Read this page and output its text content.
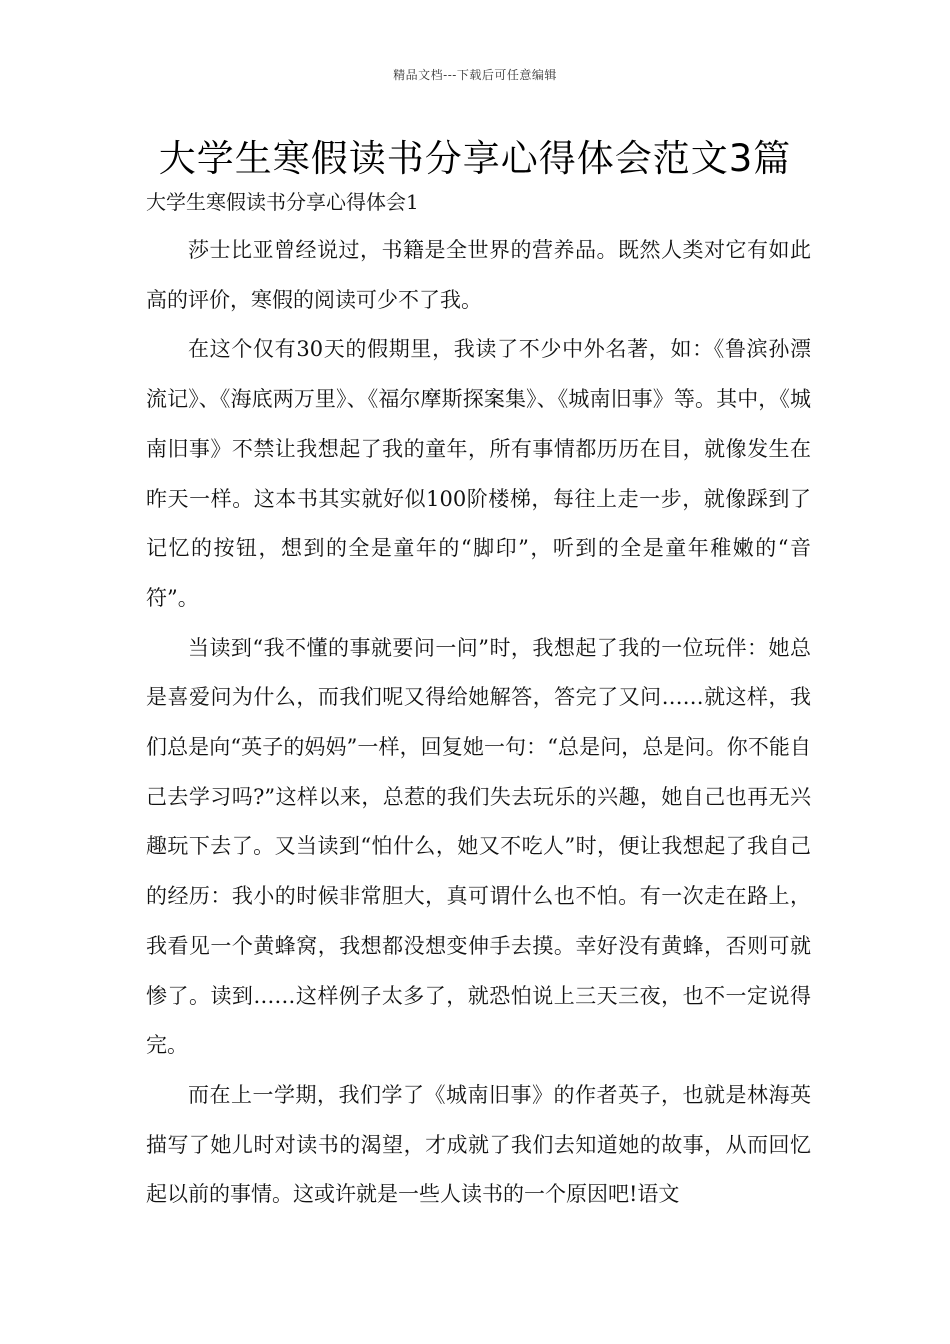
精品文档---下载后可任意编辑
大学生寒假读书分享心得体会范文3篇
大学生寒假读书分享心得体会1

莎士比亚曾经说过，书籍是全世界的营养品。既然人类对它有如此高的评价，寒假的阅读可少不了我。

在这个仅有30天的假期里，我读了不少中外名著，如：《鲁滨孙漂流记》、《海底两万里》、《福尔摩斯探案集》、《城南旧事》等。其中，《城南旧事》不禁让我想起了我的童年，所有事情都历历在目，就像发生在昨天一样。这本书其实就好似100阶楼梯，每往上走一步，就像踩到了记忆的按钮，想到的全是童年的“脚印”，听到的全是童年稚嫩的“音符”。

当读到“我不懂的事就要问一问”时，我想起了我的一位玩伴：她总是喜爱问为什么，而我们呢又得给她解答，答完了又问……就这样，我们总是向“英子的妈妈”一样，回复她一句：“总是问，总是问。你不能自己去学习吗?”这样以来，总惹的我们失去玩乐的兴趣，她自己也再无兴趣玩下去了。又当读到“怕什么，她又不吃人”时，便让我想起了我自己的经历：我小的时候非常胆大，真可谓什么也不怕。有一次走在路上，我看见一个黄蜂窝，我想都没想变伸手去摸。幸好没有黄蜂，否则可就惨了。读到……这样例子太多了，就恐怕说上三天三夜，也不一定说得完。

而在上一学期，我们学了《城南旧事》的作者英子，也就是林海英描写了她儿时对读书的渴望，才成就了我们去知道她的故事，从而回忆起以前的事情。这或许就是一些人读书的一个原因吧!语文
